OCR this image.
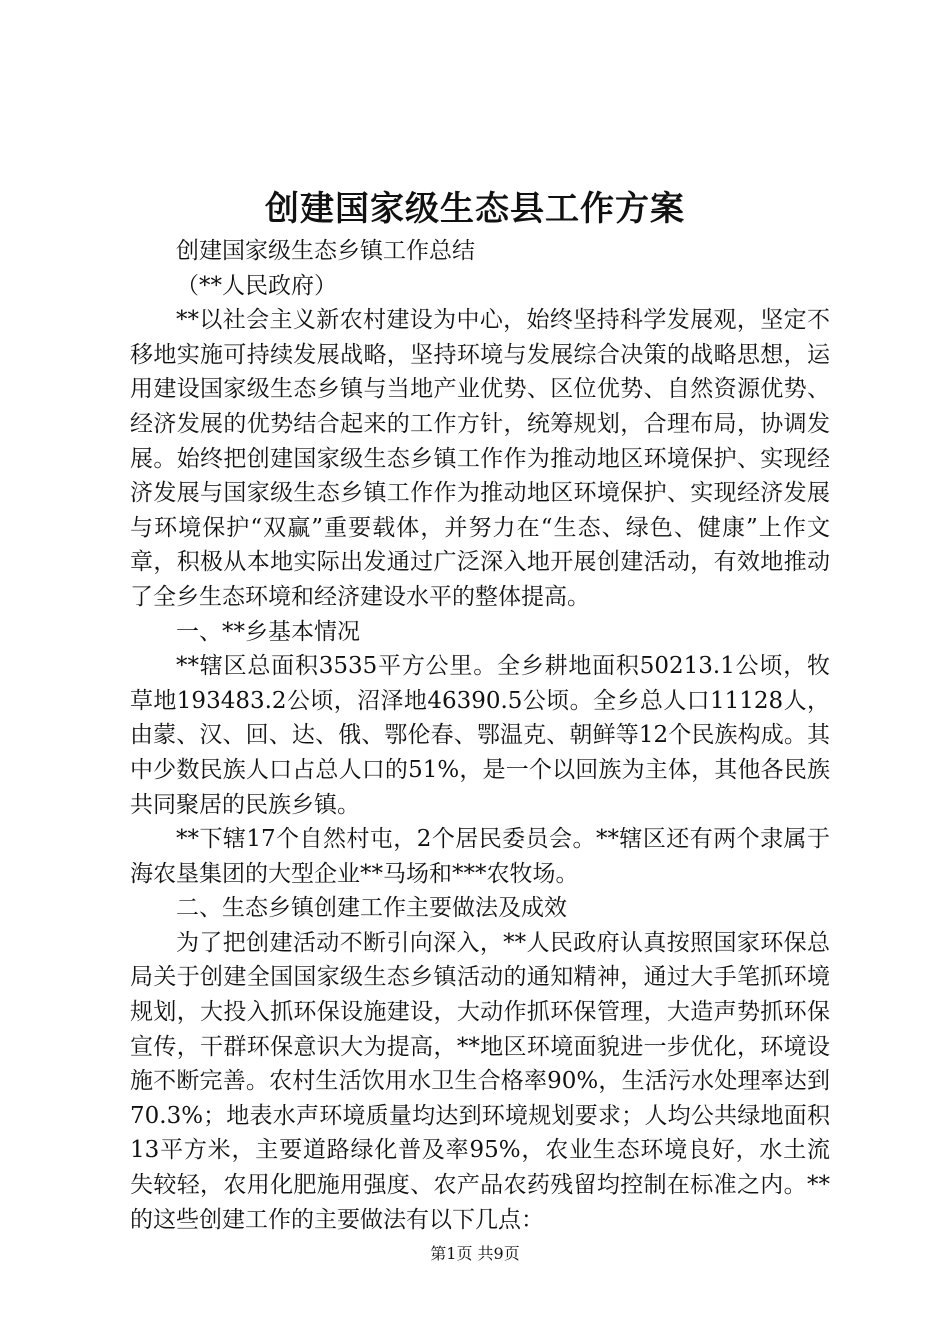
创建国家级生态县工作方案

创建国家级生态乡镇工作总结

（**人民政府）

**以社会主义新农村建设为中心，始终坚持科学发展观，坚定不移地实施可持续发展战略，坚持环境与发展综合决策的战略思想，运用建设国家级生态乡镇与当地产业优势、区位优势、自然资源优势、经济发展的优势结合起来的工作方针，统筹规划，合理布局，协调发展。始终把创建国家级生态乡镇工作作为推动地区环境保护、实现经济发展与国家级生态乡镇工作作为推动地区环境保护、实现经济发展与环境保护“双赢”重要载体，并努力在“生态、绿色、健康”上作文章，积极从本地实际出发通过广泛深入地开展创建活动，有效地推动了全乡生态环境和经济建设水平的整体提高。

一、**乡基本情况

**辖区总面积3535平方公里。全乡耕地面积50213.1公顷，牧草地193483.2公顷，沼泽地46390.5公顷。全乡总人口11128人，由蒙、汉、回、达、俄、鄂伦春、鄂温克、朝鲜等12个民族构成。其中少数民族人口占总人口的51%，是一个以回族为主体，其他各民族共同聚居的民族乡镇。

**下辖17个自然村屯，2个居民委员会。**辖区还有两个隶属于海农垦集团的大型企业**马场和***农牧场。

二、生态乡镇创建工作主要做法及成效

为了把创建活动不断引向深入，**人民政府认真按照国家环保总局关于创建全国国家级生态乡镇活动的通知精神，通过大手笔抓环境规划，大投入抓环保设施建设，大动作抓环保管理，大造声势抓环保宣传，干群环保意识大为提高，**地区环境面貌进一步优化，环境设施不断完善。农村生活饮用水卫生合格率90%，生活污水处理率达到70.3%；地表水声环境质量均达到环境规划要求；人均公共绿地面积13平方米，主要道路绿化普及率95%，农业生态环境良好，水土流失较轻，农用化肥施用强度、农产品农药残留均控制在标准之内。**的这些创建工作的主要做法有以下几点：

第1页 共9页
